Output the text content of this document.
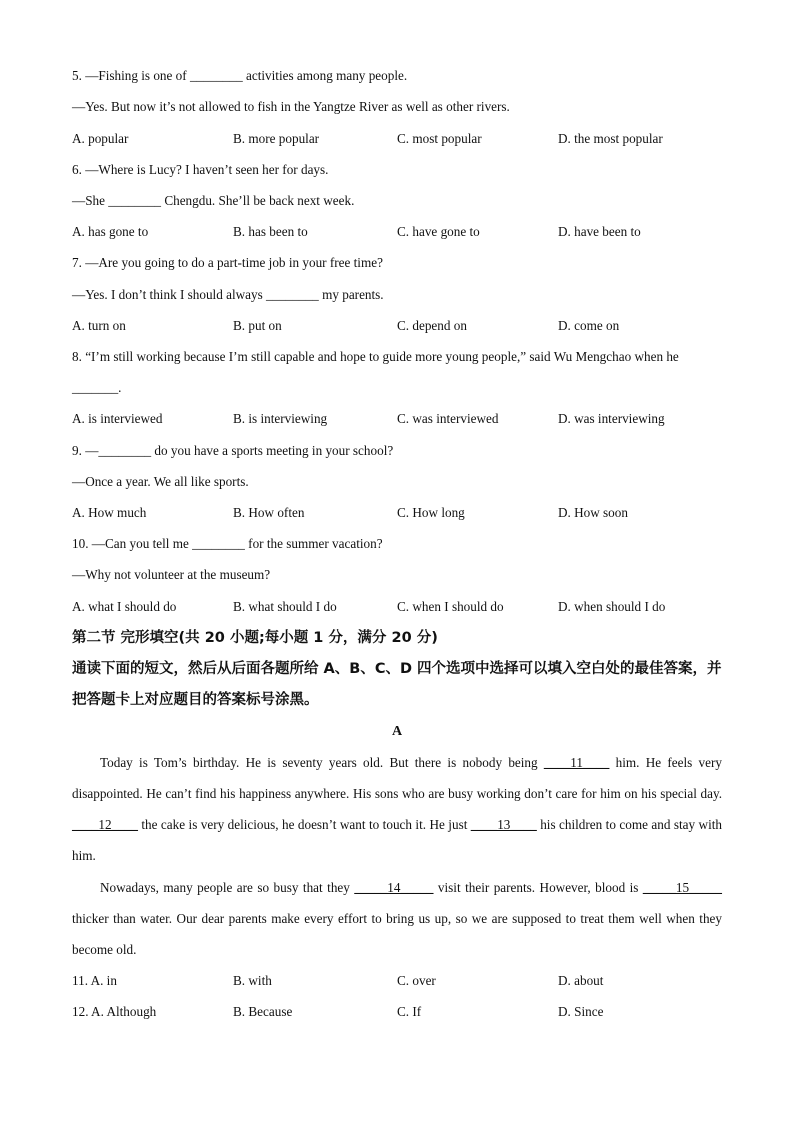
5. —Fishing is one of ________ activities among many people.
—Yes. But now it’s not allowed to fish in the Yangtze River as well as other rivers.
A. popular	B. more popular	C. most popular	D. the most popular
6. —Where is Lucy? I haven’t seen her for days.
—She ________ Chengdu. She’ll be back next week.
A. has gone to	B. has been to	C. have gone to	D. have been to
7. —Are you going to do a part-time job in your free time?
—Yes. I don’t think I should always ________ my parents.
A. turn on	B. put on	C. depend on	D. come on
8. “I’m still working because I’m still capable and hope to guide more young people,” said Wu Mengchao when he
_______.
A. is interviewed	B. is interviewing	C. was interviewed	D. was interviewing
9. —________ do you have a sports meeting in your school?
—Once a year. We all like sports.
A. How much	B. How often	C. How long	D. How soon
10. —Can you tell me ________ for the summer vacation?
—Why not volunteer at the museum?
A. what I should do	B. what should I do	C. when I should do	D. when should I do
第二节 完形填空(共 20 小题;每小题 1 分，满分 20 分)
通读下面的短文，然后从后面各题所给 A、B、C、D 四个选项中选择可以填入空白处的最佳答案，并把答题卡上对应题目的答案标号涂黑。
A
Today is Tom’s birthday. He is seventy years old. But there is nobody being ____11____ him. He feels very disappointed. He can’t find his happiness anywhere. His sons who are busy working don’t care for him on his special day. ____12____ the cake is very delicious, he doesn’t want to touch it. He just ____13____ his children to come and stay with him.
Nowadays, many people are so busy that they _____14_____ visit their parents. However, blood is _____15_____ thicker than water. Our dear parents make every effort to bring us up, so we are supposed to treat them well when they become old.
11. A. in	B. with	C. over	D. about
12. A. Although	B. Because	C. If	D. Since
